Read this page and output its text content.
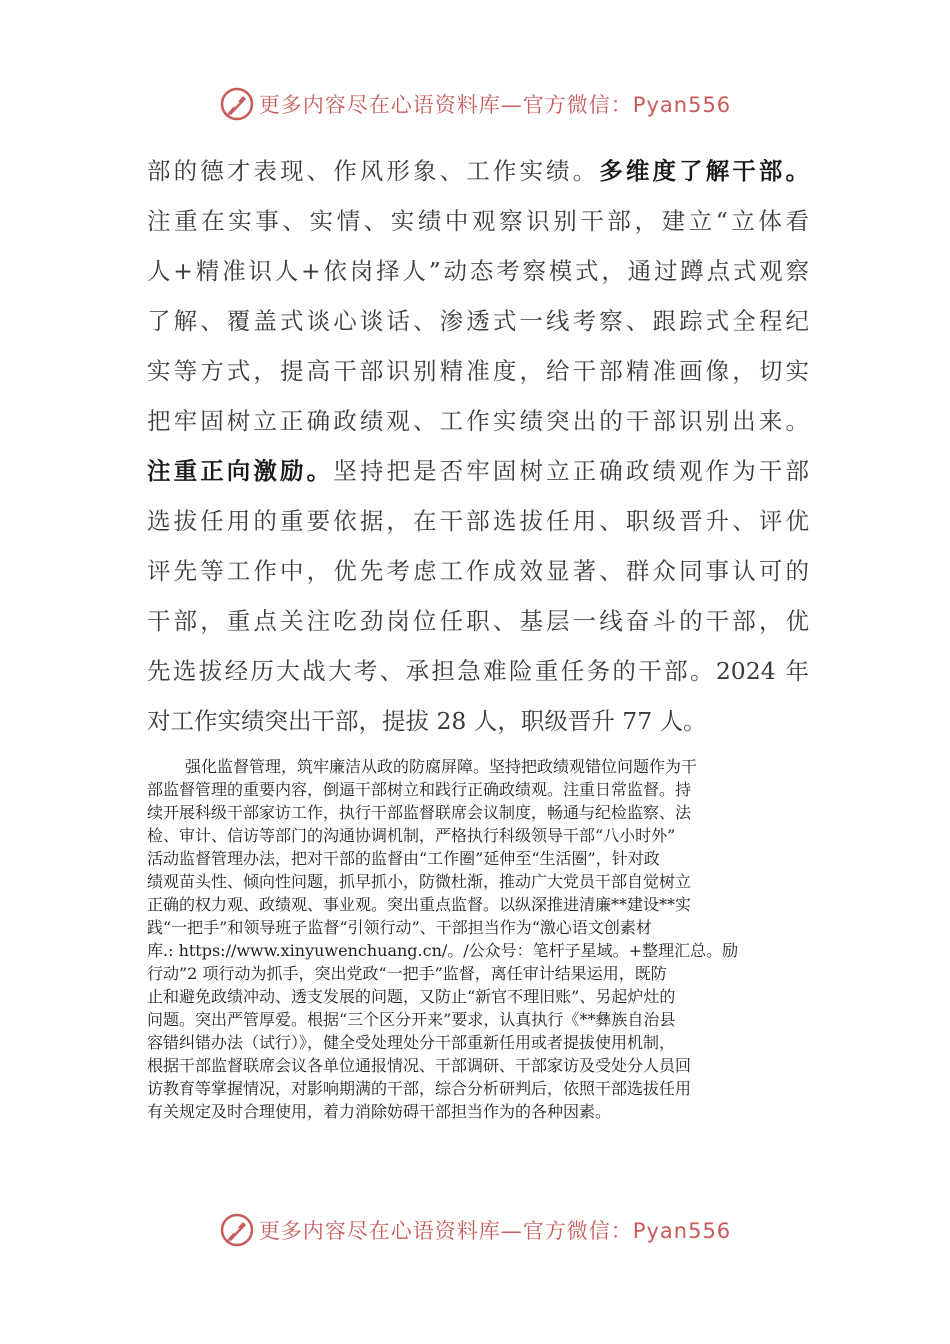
更多内容尽在心语资料库—官方微信：Pyan556
部的德才表现、作风形象、工作实绩。多维度了解干部。
注重在实事、实情、实绩中观察识别干部，建立“立体看
人+精准识人+依岗择人”动态考察模式，通过蹲点式观察
了解、覆盖式谈心谈话、渗透式一线考察、跟踪式全程纪
实等方式，提高干部识别精准度，给干部精准画像，切实
把牢固树立正确政绩观、工作实绩突出的干部识别出来。
注重正向激励。坚持把是否牢固树立正确政绩观作为干部
选拔任用的重要依据，在干部选拔任用、职级晋升、评优
评先等工作中，优先考虑工作成效显著、群众同事认可的
干部，重点关注吃劲岗位任职、基层一线奋斗的干部，优
先选拔经历大战大考、承担急难险重任务的干部。2024 年
对工作实绩突出干部，提拔 28 人，职级晋升 77 人。
强化监督管理，筑牢廉洁从政的防腐屏障。坚持把政绩观错位问题作为干
部监督管理的重要内容，倒逼干部树立和践行正确政绩观。注重日常监督。持
续开展科级干部家访工作，执行干部监督联席会议制度，畅通与纪检监察、法
检、审计、信访等部门的沟通协调机制，严格执行科级领导干部“八小时外”
活动监督管理办法，把对干部的监督由“工作圈”延伸至“生活圈”，针对政
绩观苗头性、倾向性问题，抓早抓小，防微杜渐，推动广大党员干部自觉树立
正确的权力观、政绩观、事业观。突出重点监督。以纵深推进清廉**建设**实
践“一把手”和领导班子监督“引领行动”、干部担当作为“激心语文创素材
库.: https://www.xinyuwenchuang.cn/。/公众号：笔杆子星域。+整理汇总。励
行动”2 项行动为抓手，突出党政“一把手”监督，离任审计结果运用，既防
止和避免政绩冲动、透支发展的问题，又防止“新官不理旧账”、另起炉灶的
问题。突出严管厚爱。根据“三个区分开来”要求，认真执行《**彝族自治县
容错纠错办法（试行）》，健全受处理处分干部重新任用或者提拔使用机制，
根据干部监督联席会议各单位通报情况、干部调研、干部家访及受处分人员回
访教育等掌握情况，对影响期满的干部，综合分析研判后，依照干部选拔任用
有关规定及时合理使用，着力消除妨碍干部担当作为的各种因素。
更多内容尽在心语资料库—官方微信：Pyan556
